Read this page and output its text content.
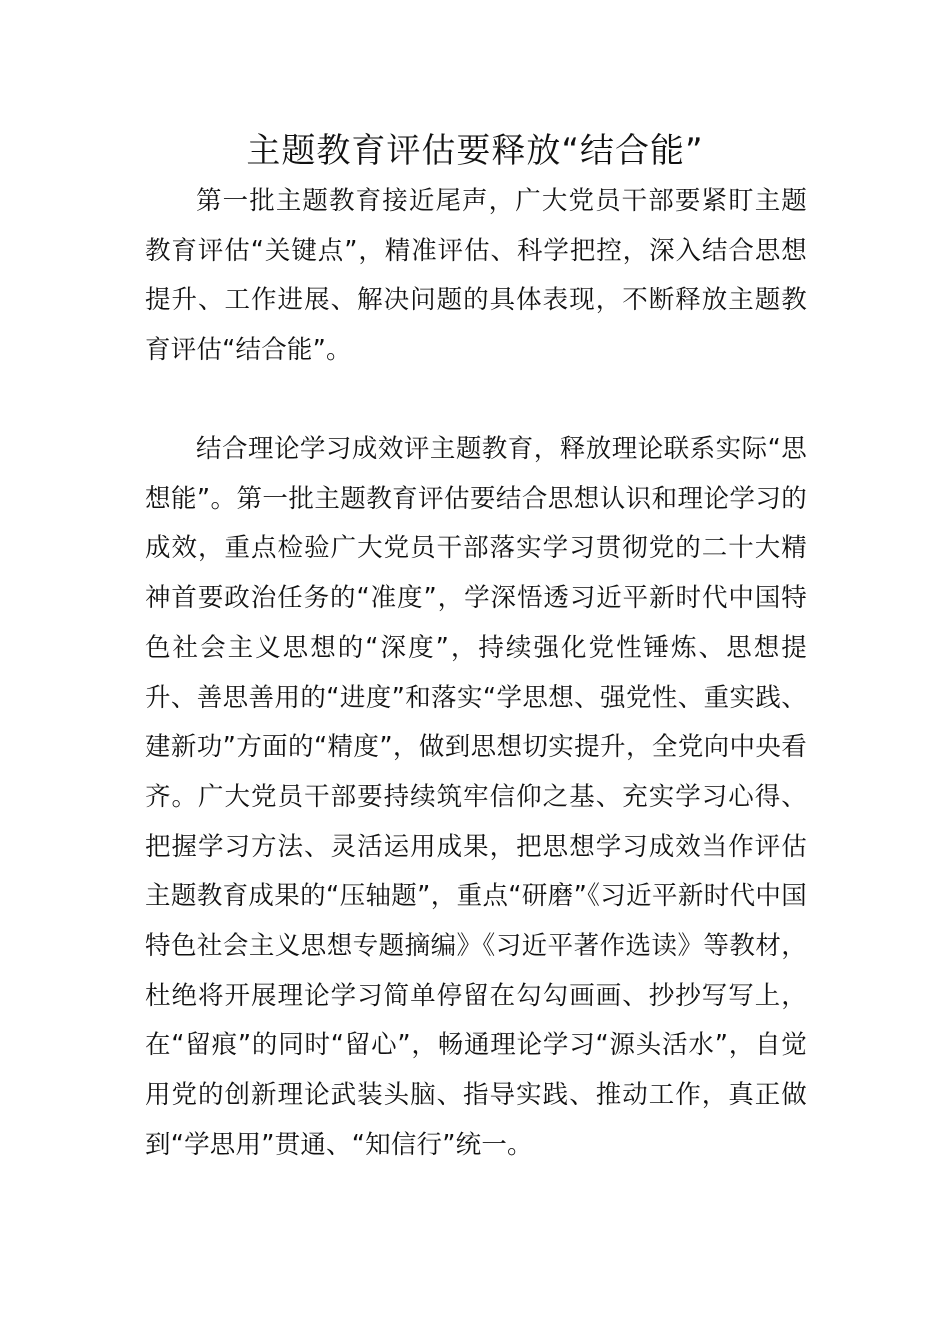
主题教育评估要释放“结合能”

第一批主题教育接近尾声，广大党员干部要紧盯主题教育评估“关键点”，精准评估、科学把控，深入结合思想提升、工作进展、解决问题的具体表现，不断释放主题教育评估“结合能”。

结合理论学习成效评主题教育，释放理论联系实际“思想能”。第一批主题教育评估要结合思想认识和理论学习的成效，重点检验广大党员干部落实学习贯彻党的二十大精神首要政治任务的“准度”，学深悟透习近平新时代中国特色社会主义思想的“深度”，持续强化党性锤炼、思想提升、善思善用的“进度”和落实“学思想、强党性、重实践、建新功”方面的“精度”，做到思想切实提升，全党向中央看齐。广大党员干部要持续筑牢信仰之基、充实学习心得、把握学习方法、灵活运用成果，把思想学习成效当作评估主题教育成果的“压轴题”，重点“研磨”《习近平新时代中国特色社会主义思想专题摘编》《习近平著作选读》等教材，杜绝将开展理论学习简单停留在勾勾画画、抄抄写写上，在“留痕”的同时“留心”，畅通理论学习“源头活水”，自觉用党的创新理论武装头脑、指导实践、推动工作，真正做到“学思用”贯通、“知信行”统一。
